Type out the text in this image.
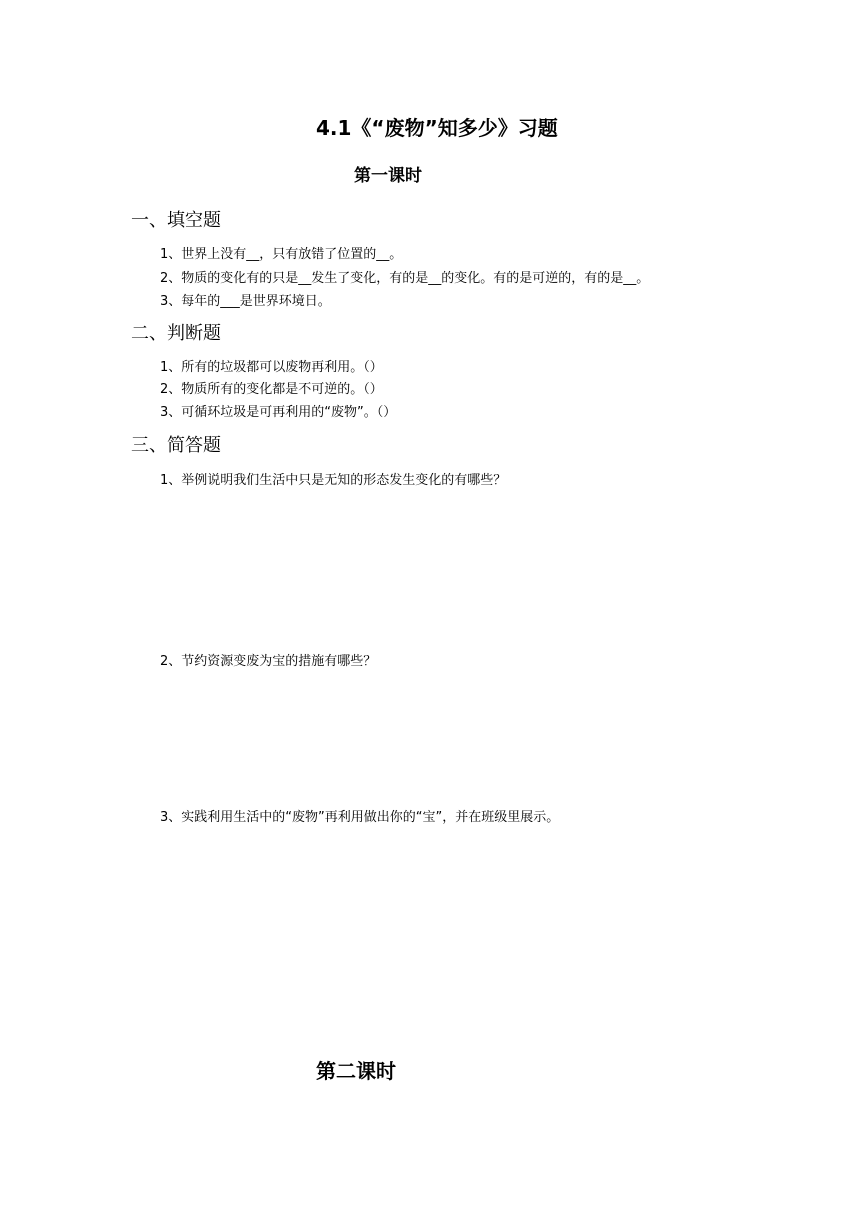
4.1《“废物”知多少》习题
第一课时
一、填空题
1、世界上没有__，只有放错了位置的__。
2、物质的变化有的只是__发生了变化，有的是__的变化。有的是可逆的，有的是__。
3、每年的___是世界环境日。
二、判断题
1、所有的垃圾都可以废物再利用。（）
2、物质所有的变化都是不可逆的。（）
3、可循环垃圾是可再利用的“废物”。（）
三、简答题
1、举例说明我们生活中只是无知的形态发生变化的有哪些？
2、节约资源变废为宝的措施有哪些？
3、实践利用生活中的“废物”再利用做出你的“宝”，并在班级里展示。
第二课时
